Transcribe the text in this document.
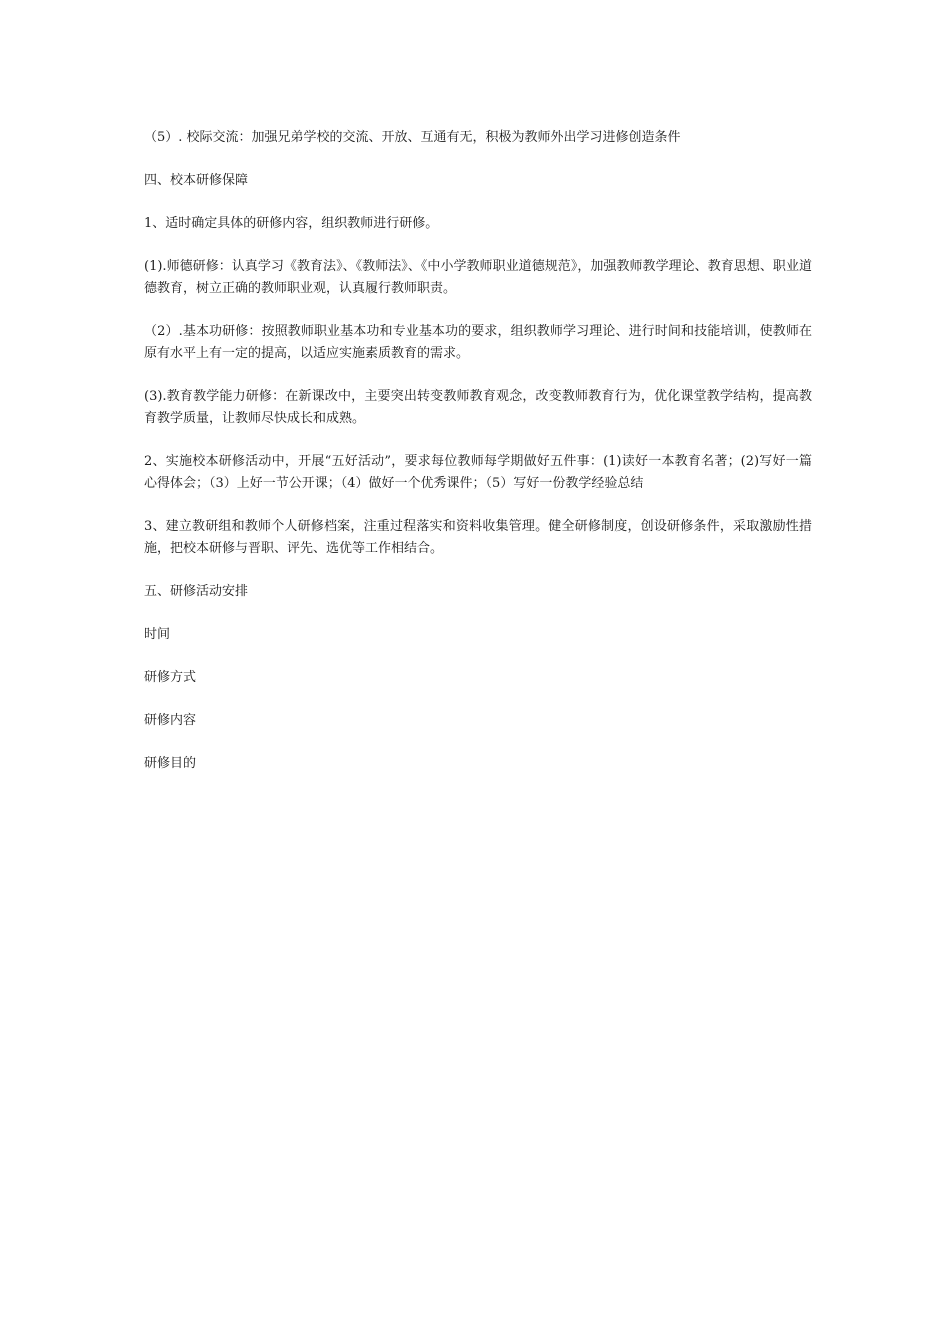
（5）. 校际交流：加强兄弟学校的交流、开放、互通有无，积极为教师外出学习进修创造条件

四、校本研修保障

1、适时确定具体的研修内容，组织教师进行研修。

(1).师德研修：认真学习《教育法》、《教师法》、《中小学教师职业道德规范》，加强教师教学理论、教育思想、职业道德教育，树立正确的教师职业观，认真履行教师职责。

（2）.基本功研修：按照教师职业基本功和专业基本功的要求，组织教师学习理论、进行时间和技能培训，使教师在原有水平上有一定的提高，以适应实施素质教育的需求。

(3).教育教学能力研修：在新课改中，主要突出转变教师教育观念，改变教师教育行为，优化课堂教学结构，提高教育教学质量，让教师尽快成长和成熟。

2、实施校本研修活动中，开展“五好活动”，要求每位教师每学期做好五件事：(1)读好一本教育名著；(2)写好一篇心得体会；（3）上好一节公开课；（4）做好一个优秀课件；（5）写好一份教学经验总结

3、建立教研组和教师个人研修档案，注重过程落实和资料收集管理。健全研修制度，创设研修条件，采取激励性措施，把校本研修与晋职、评先、选优等工作相结合。

五、研修活动安排

时间

研修方式

研修内容

研修目的
